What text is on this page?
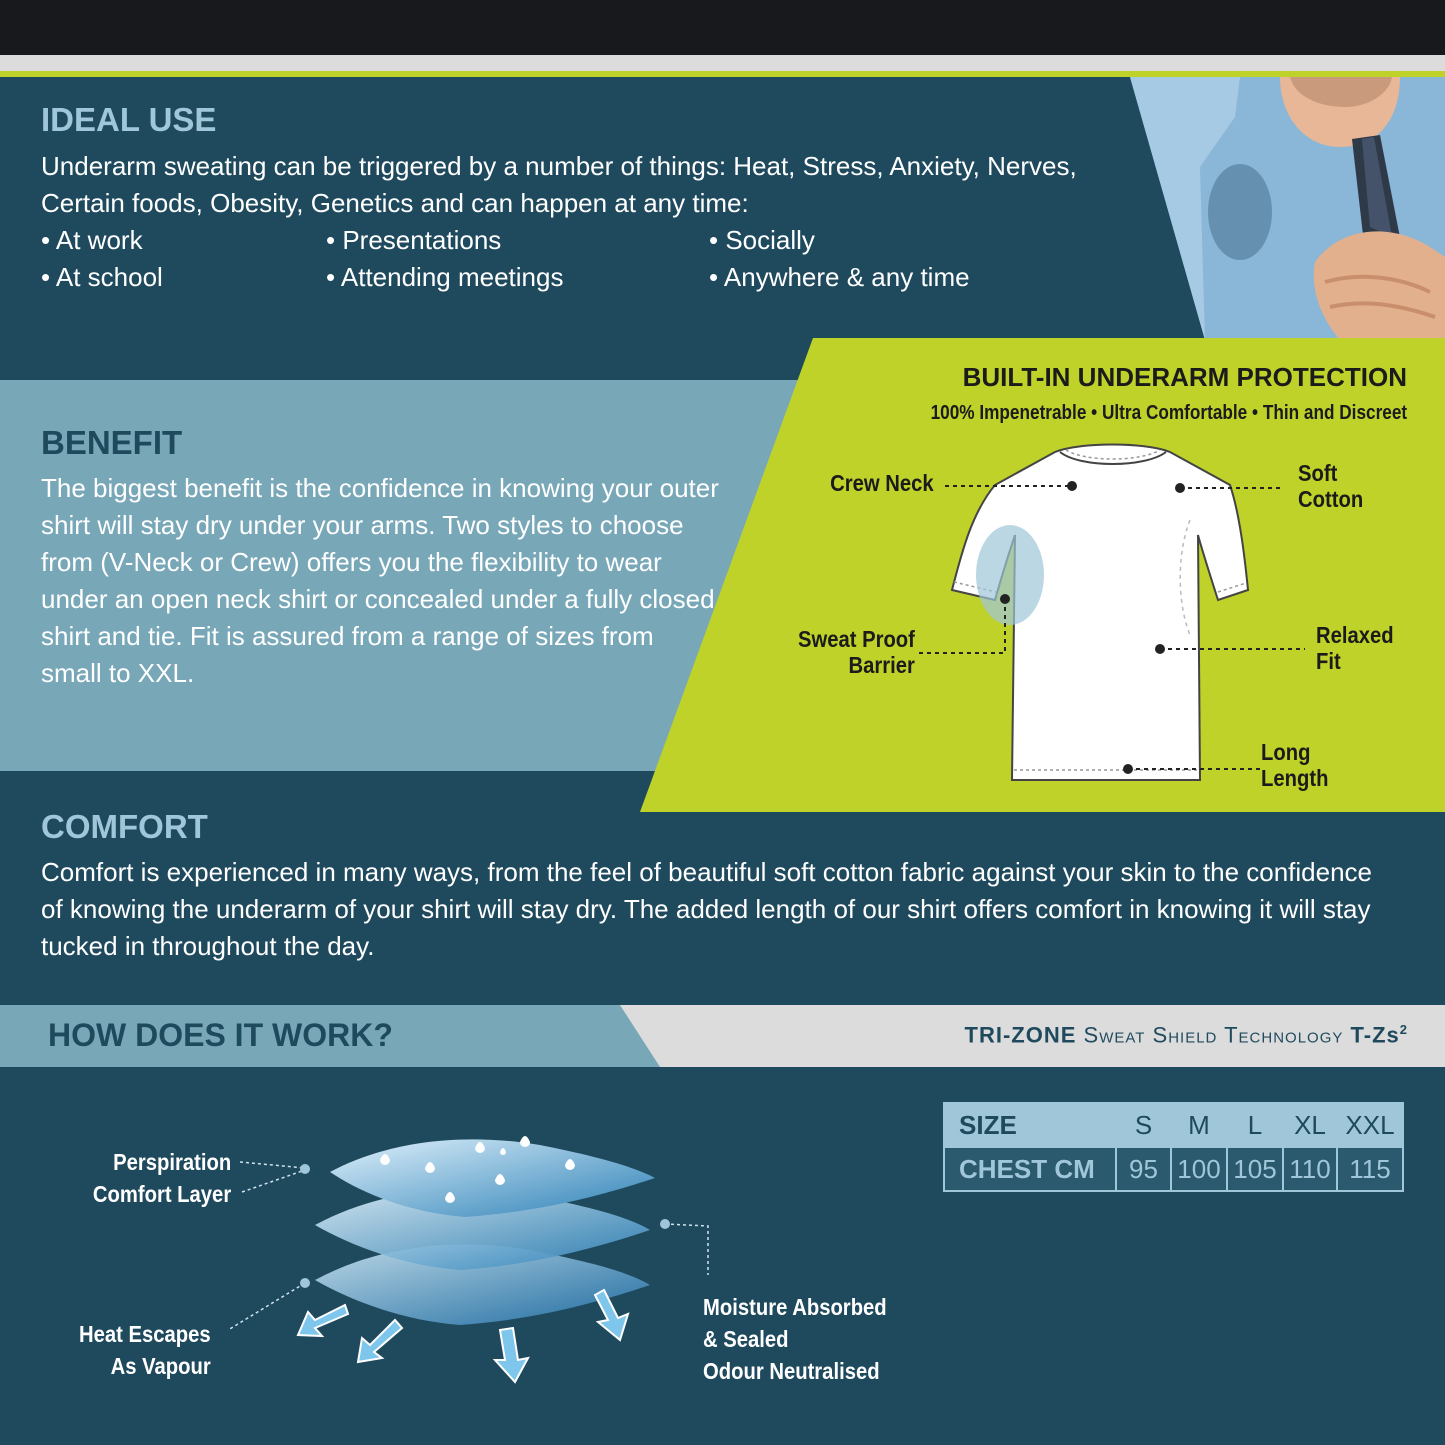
IDEAL USE
Underarm sweating can be triggered by a number of things: Heat, Stress, Anxiety, Nerves, Certain foods, Obesity, Genetics and can happen at any time:
• At work	• Presentations	• Socially
• At school	• Attending meetings	• Anywhere & any time
BENEFIT
The biggest benefit is the confidence in knowing your outer shirt will stay dry under your arms. Two styles to choose from (V-Neck or Crew) offers you the flexibility to wear under an open neck shirt or concealed under a fully closed shirt and tie. Fit is assured from a range of sizes from small to XXL.
BUILT-IN UNDERARM PROTECTION
100% Impenetrable • Ultra Comfortable • Thin and Discreet
Crew Neck	Soft
Cotton
Sweat Proof
Barrier
Relaxed
Fit
Long
Length
COMFORT
Comfort is experienced in many ways, from the feel of beautiful soft cotton fabric against your skin to the confidence of knowing the underarm of your shirt will stay dry. The added length of our shirt offers comfort in knowing it will stay tucked in throughout the day.
HOW DOES IT WORK?	TRI-ZONE Sweat Shield Technology T-Zs$^2$
Perspiration
Comfort Layer
Heat Escapes
As Vapour
Moisture Absorbed
& Sealed
Odour Neutralised
SIZE	S	M	L	XL	XXL
CHEST CM	95	100	105	110	115
